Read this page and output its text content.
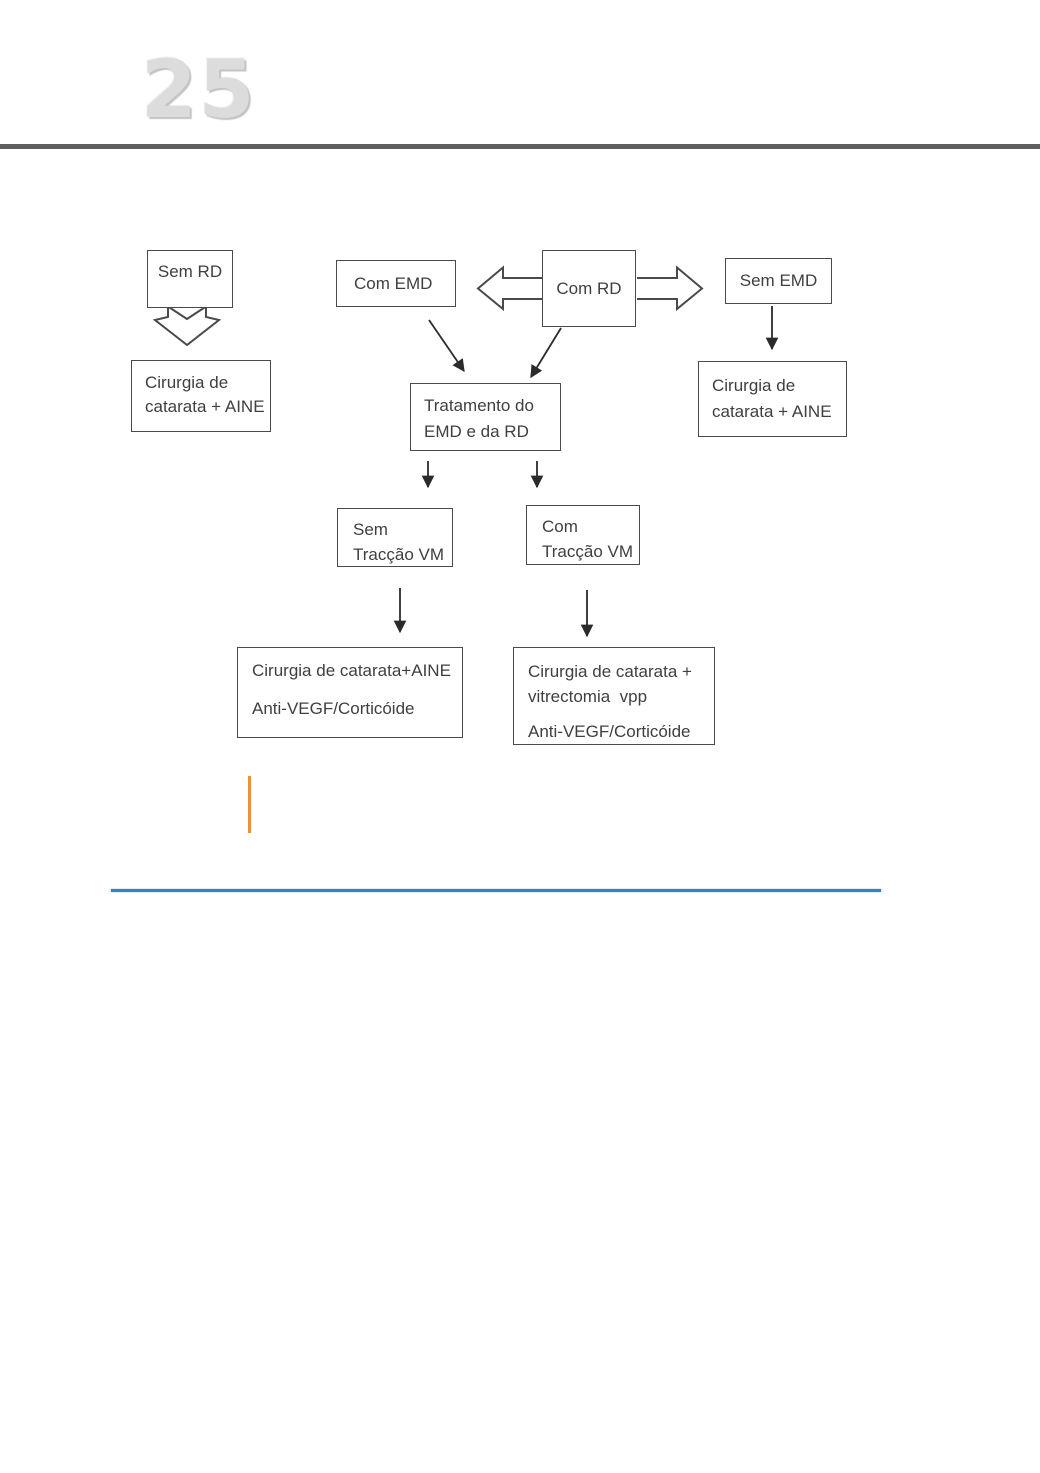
25
Sem RD
Com EMD	Com RD	Sem EMD
Cirurgia de
catarata + AINE	Tratamento do
EMD e da RD
Cirurgia de
catarata + AINE
Sem
Tracção VM
Com
Tracção VM
Cirurgia de catarata+AINE
Anti-VEGF/Corticóide
Cirurgia de catarata +
vitrectomia  vpp
Anti-VEGF/Corticóide
